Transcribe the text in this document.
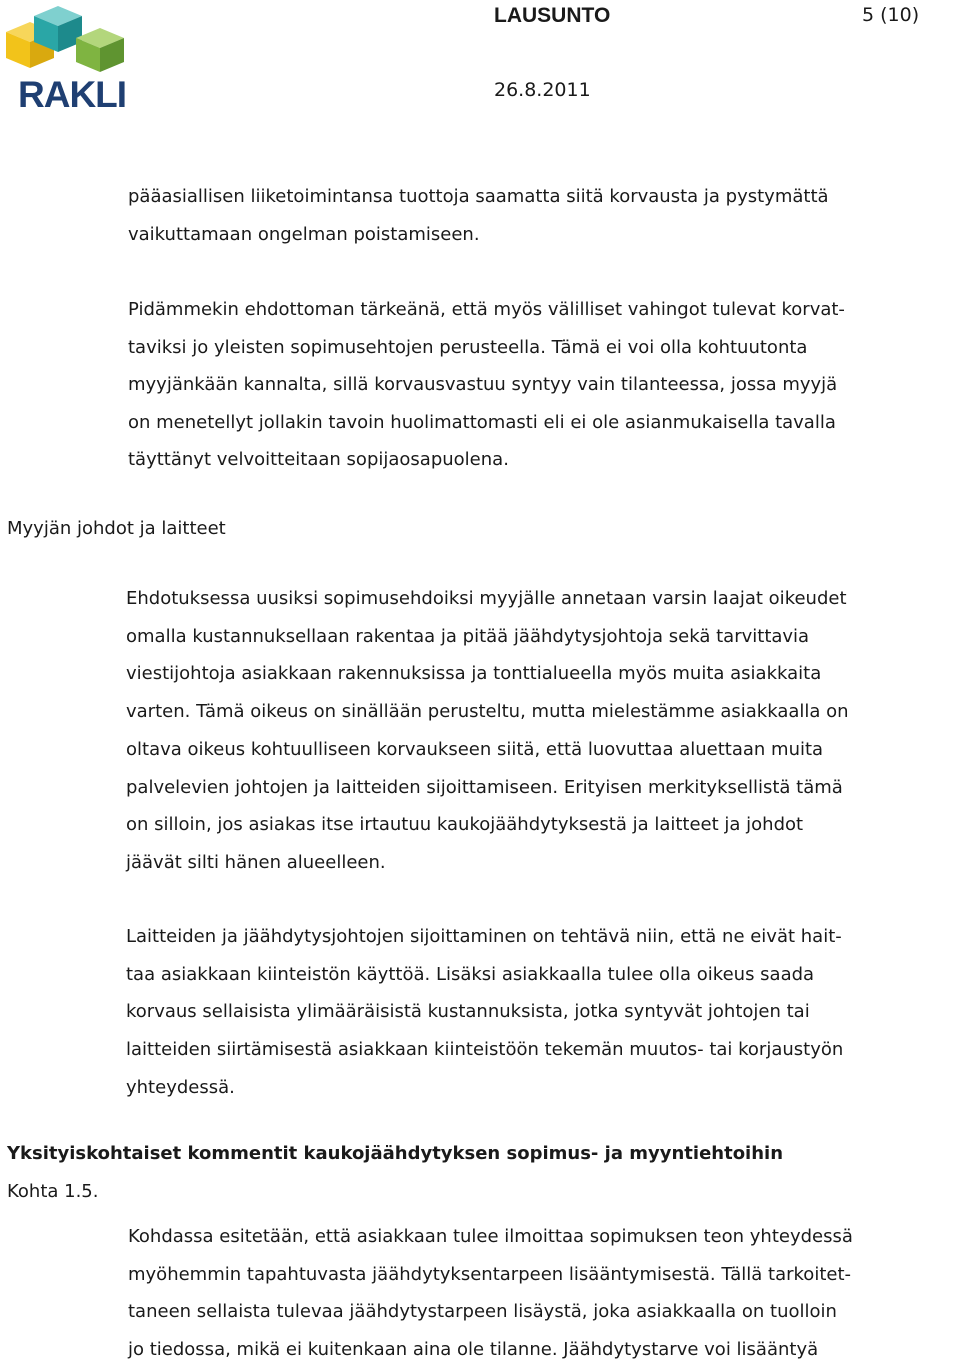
RAKLI
LAUSUNTO	5 (10)
26.8.2011

pääasiallisen liiketoimintansa tuottoja saamatta siitä korvausta ja pystymättä
vaikuttamaan ongelman poistamiseen.

Pidämmekin ehdottoman tärkeänä, että myös välilliset vahingot tulevat korvat-
taviksi jo yleisten sopimusehtojen perusteella. Tämä ei voi olla kohtuutonta
myyjänkään kannalta, sillä korvausvastuu syntyy vain tilanteessa, jossa myyjä
on menetellyt jollakin tavoin huolimattomasti eli ei ole asianmukaisella tavalla
täyttänyt velvoitteitaan sopijaosapuolena.

Myyjän johdot ja laitteet

Ehdotuksessa uusiksi sopimusehdoiksi myyjälle annetaan varsin laajat oikeudet
omalla kustannuksellaan rakentaa ja pitää jäähdytysjohtoja sekä tarvittavia
viestijohtoja asiakkaan rakennuksissa ja tonttialueella myös muita asiakkaita
varten. Tämä oikeus on sinällään perusteltu, mutta mielestämme asiakkaalla on
oltava oikeus kohtuulliseen korvaukseen siitä, että luovuttaa aluettaan muita
palvelevien johtojen ja laitteiden sijoittamiseen. Erityisen merkityksellistä tämä
on silloin, jos asiakas itse irtautuu kaukojäähdytyksestä ja laitteet ja johdot
jäävät silti hänen alueelleen.

Laitteiden ja jäähdytysjohtojen sijoittaminen on tehtävä niin, että ne eivät hait-
taa asiakkaan kiinteistön käyttöä. Lisäksi asiakkaalla tulee olla oikeus saada
korvaus sellaisista ylimääräisistä kustannuksista, jotka syntyvät johtojen tai
laitteiden siirtämisestä asiakkaan kiinteistöön tekemän muutos- tai korjaustyön
yhteydessä.

Yksityiskohtaiset kommentit kaukojäähdytyksen sopimus- ja myyntiehtoihin
Kohta 1.5.

Kohdassa esitetään, että asiakkaan tulee ilmoittaa sopimuksen teon yhteydessä
myöhemmin tapahtuvasta jäähdytyksentarpeen lisääntymisestä. Tällä tarkoitet-
taneen sellaista tulevaa jäähdytystarpeen lisäystä, joka asiakkaalla on tuolloin
jo tiedossa, mikä ei kuitenkaan aina ole tilanne. Jäähdytystarve voi lisääntyä
